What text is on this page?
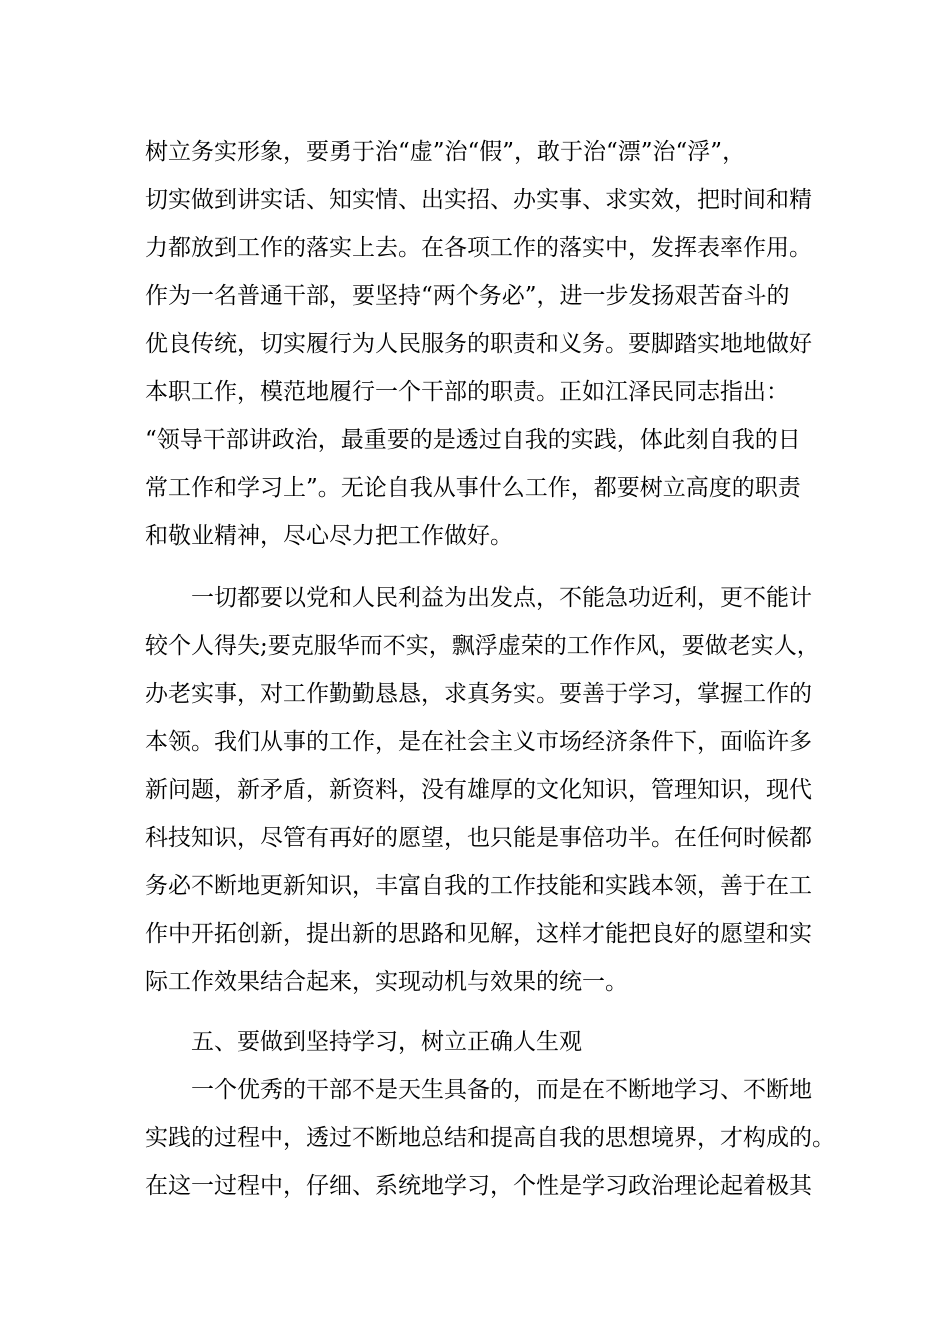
树立务实形象，要勇于治“虚”治“假”，敢于治“漂”治“浮”，
切实做到讲实话、知实情、出实招、办实事、求实效，把时间和精
力都放到工作的落实上去。在各项工作的落实中，发挥表率作用。
作为一名普通干部，要坚持“两个务必”，进一步发扬艰苦奋斗的
优良传统，切实履行为人民服务的职责和义务。要脚踏实地地做好
本职工作，模范地履行一个干部的职责。正如江泽民同志指出：
“领导干部讲政治，最重要的是透过自我的实践，体此刻自我的日
常工作和学习上”。无论自我从事什么工作，都要树立高度的职责
和敬业精神，尽心尽力把工作做好。
一切都要以党和人民利益为出发点，不能急功近利，更不能计
较个人得失;要克服华而不实，飘浮虚荣的工作作风，要做老实人，
办老实事，对工作勤勤恳恳，求真务实。要善于学习，掌握工作的
本领。我们从事的工作，是在社会主义市场经济条件下，面临许多
新问题，新矛盾，新资料，没有雄厚的文化知识，管理知识，现代
科技知识，尽管有再好的愿望，也只能是事倍功半。在任何时候都
务必不断地更新知识，丰富自我的工作技能和实践本领，善于在工
作中开拓创新，提出新的思路和见解，这样才能把良好的愿望和实
际工作效果结合起来，实现动机与效果的统一。
五、要做到坚持学习，树立正确人生观
一个优秀的干部不是天生具备的，而是在不断地学习、不断地
实践的过程中，透过不断地总结和提高自我的思想境界，才构成的。
在这一过程中，仔细、系统地学习，个性是学习政治理论起着极其
